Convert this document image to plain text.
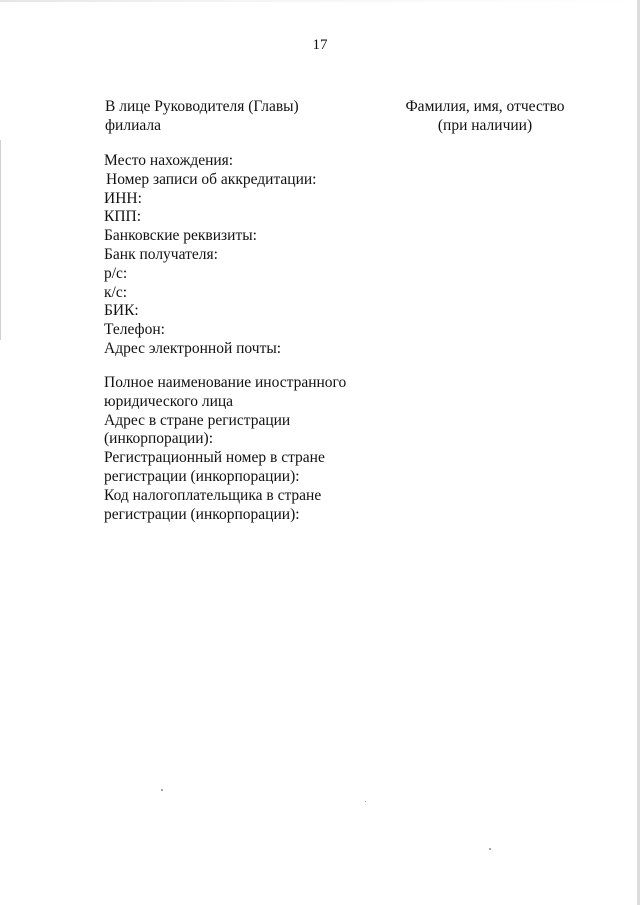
17
В лице Руководителя (Главы)
филиала
Фамилия, имя, отчество
(при наличии)
Место нахождения:
Номер записи об аккредитации:
ИНН:
КПП:
Банковские реквизиты:
Банк получателя:
р/с:
к/с:
БИК:
Телефон:
Адрес электронной почты:
Полное наименование иностранного
юридического лица
Адрес в стране регистрации
(инкорпорации):
Регистрационный номер в стране
регистрации (инкорпорации):
Код налогоплательщика в стране
регистрации (инкорпорации):
